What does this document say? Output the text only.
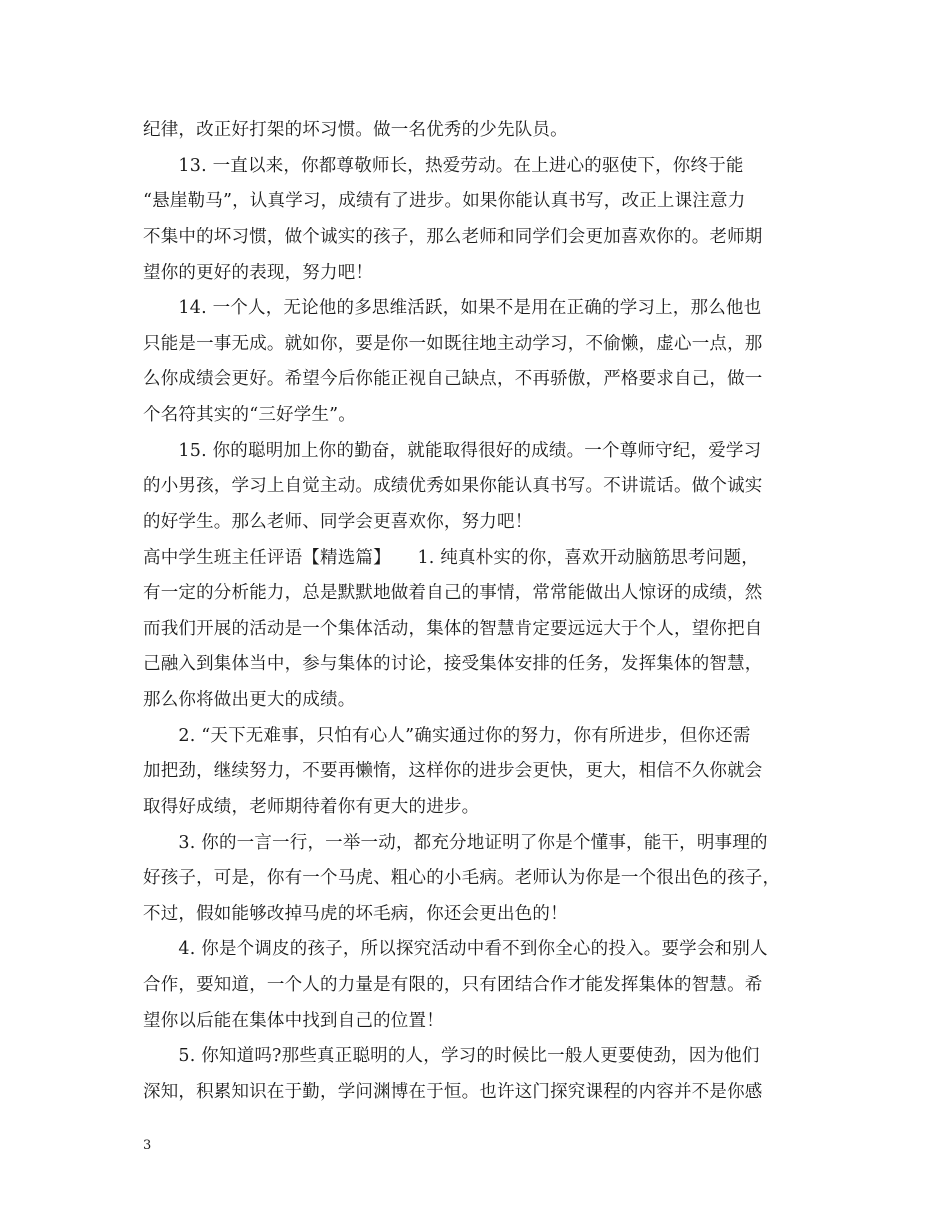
纪律，改正好打架的坏习惯。做一名优秀的少先队员。
　　13. 一直以来，你都尊敬师长，热爱劳动。在上进心的驱使下，你终于能
“悬崖勒马”，认真学习，成绩有了进步。如果你能认真书写，改正上课注意力
不集中的坏习惯，做个诚实的孩子，那么老师和同学们会更加喜欢你的。老师期
望你的更好的表现，努力吧！
　　14. 一个人，无论他的多思维活跃，如果不是用在正确的学习上，那么他也
只能是一事无成。就如你，要是你一如既往地主动学习，不偷懒，虚心一点，那
么你成绩会更好。希望今后你能正视自己缺点，不再骄傲，严格要求自己，做一
个名符其实的“三好学生”。
　　15. 你的聪明加上你的勤奋，就能取得很好的成绩。一个尊师守纪，爱学习
的小男孩，学习上自觉主动。成绩优秀如果你能认真书写。不讲谎话。做个诚实
的好学生。那么老师、同学会更喜欢你，努力吧！
高中学生班主任评语【精选篇】　　1. 纯真朴实的你，喜欢开动脑筋思考问题，
有一定的分析能力，总是默默地做着自己的事情，常常能做出人惊讶的成绩，然
而我们开展的活动是一个集体活动，集体的智慧肯定要远远大于个人，望你把自
己融入到集体当中，参与集体的讨论，接受集体安排的任务，发挥集体的智慧，
那么你将做出更大的成绩。
　　2. “天下无难事，只怕有心人”确实通过你的努力，你有所进步，但你还需
加把劲，继续努力，不要再懒惰，这样你的进步会更快，更大，相信不久你就会
取得好成绩，老师期待着你有更大的进步。
　　3. 你的一言一行，一举一动，都充分地证明了你是个懂事，能干，明事理的
好孩子，可是，你有一个马虎、粗心的小毛病。老师认为你是一个很出色的孩子，
不过，假如能够改掉马虎的坏毛病，你还会更出色的！
　　4. 你是个调皮的孩子，所以探究活动中看不到你全心的投入。要学会和别人
合作，要知道，一个人的力量是有限的，只有团结合作才能发挥集体的智慧。希
望你以后能在集体中找到自己的位置！
　　5. 你知道吗?那些真正聪明的人，学习的时候比一般人更要使劲，因为他们
深知，积累知识在于勤，学问渊博在于恒。也许这门探究课程的内容并不是你感
3
